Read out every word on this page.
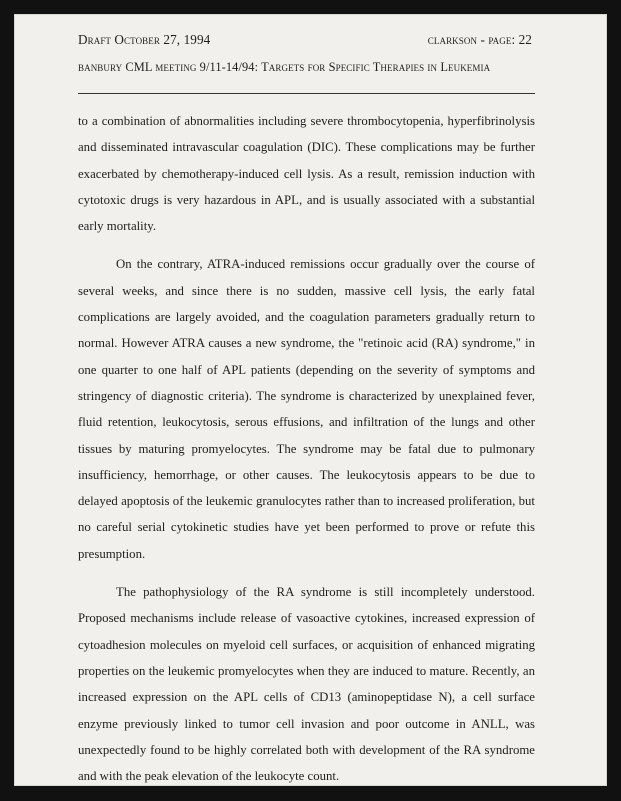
Draft October 27, 1994	clarkson - page: 22
banbury CML meeting 9/11-14/94: Targets for Specific Therapies in Leukemia

to a combination of abnormalities including severe thrombocytopenia, hyperfibrinolysis and disseminated intravascular coagulation (DIC). These complications may be further exacerbated by chemotherapy-induced cell lysis. As a result, remission induction with cytotoxic drugs is very hazardous in APL, and is usually associated with a substantial early mortality.

On the contrary, ATRA-induced remissions occur gradually over the course of several weeks, and since there is no sudden, massive cell lysis, the early fatal complications are largely avoided, and the coagulation parameters gradually return to normal. However ATRA causes a new syndrome, the "retinoic acid (RA) syndrome," in one quarter to one half of APL patients (depending on the severity of symptoms and stringency of diagnostic criteria). The syndrome is characterized by unexplained fever, fluid retention, leukocytosis, serous effusions, and infiltration of the lungs and other tissues by maturing promyelocytes. The syndrome may be fatal due to pulmonary insufficiency, hemorrhage, or other causes. The leukocytosis appears to be due to delayed apoptosis of the leukemic granulocytes rather than to increased proliferation, but no careful serial cytokinetic studies have yet been performed to prove or refute this presumption.

The pathophysiology of the RA syndrome is still incompletely understood. Proposed mechanisms include release of vasoactive cytokines, increased expression of cytoadhesion molecules on myeloid cell surfaces, or acquisition of enhanced migrating properties on the leukemic promyelocytes when they are induced to mature. Recently, an increased expression on the APL cells of CD13 (aminopeptidase N), a cell surface enzyme previously linked to tumor cell invasion and poor outcome in ANLL, was unexpectedly found to be highly correlated both with development of the RA syndrome and with the peak elevation of the leukocyte count.
